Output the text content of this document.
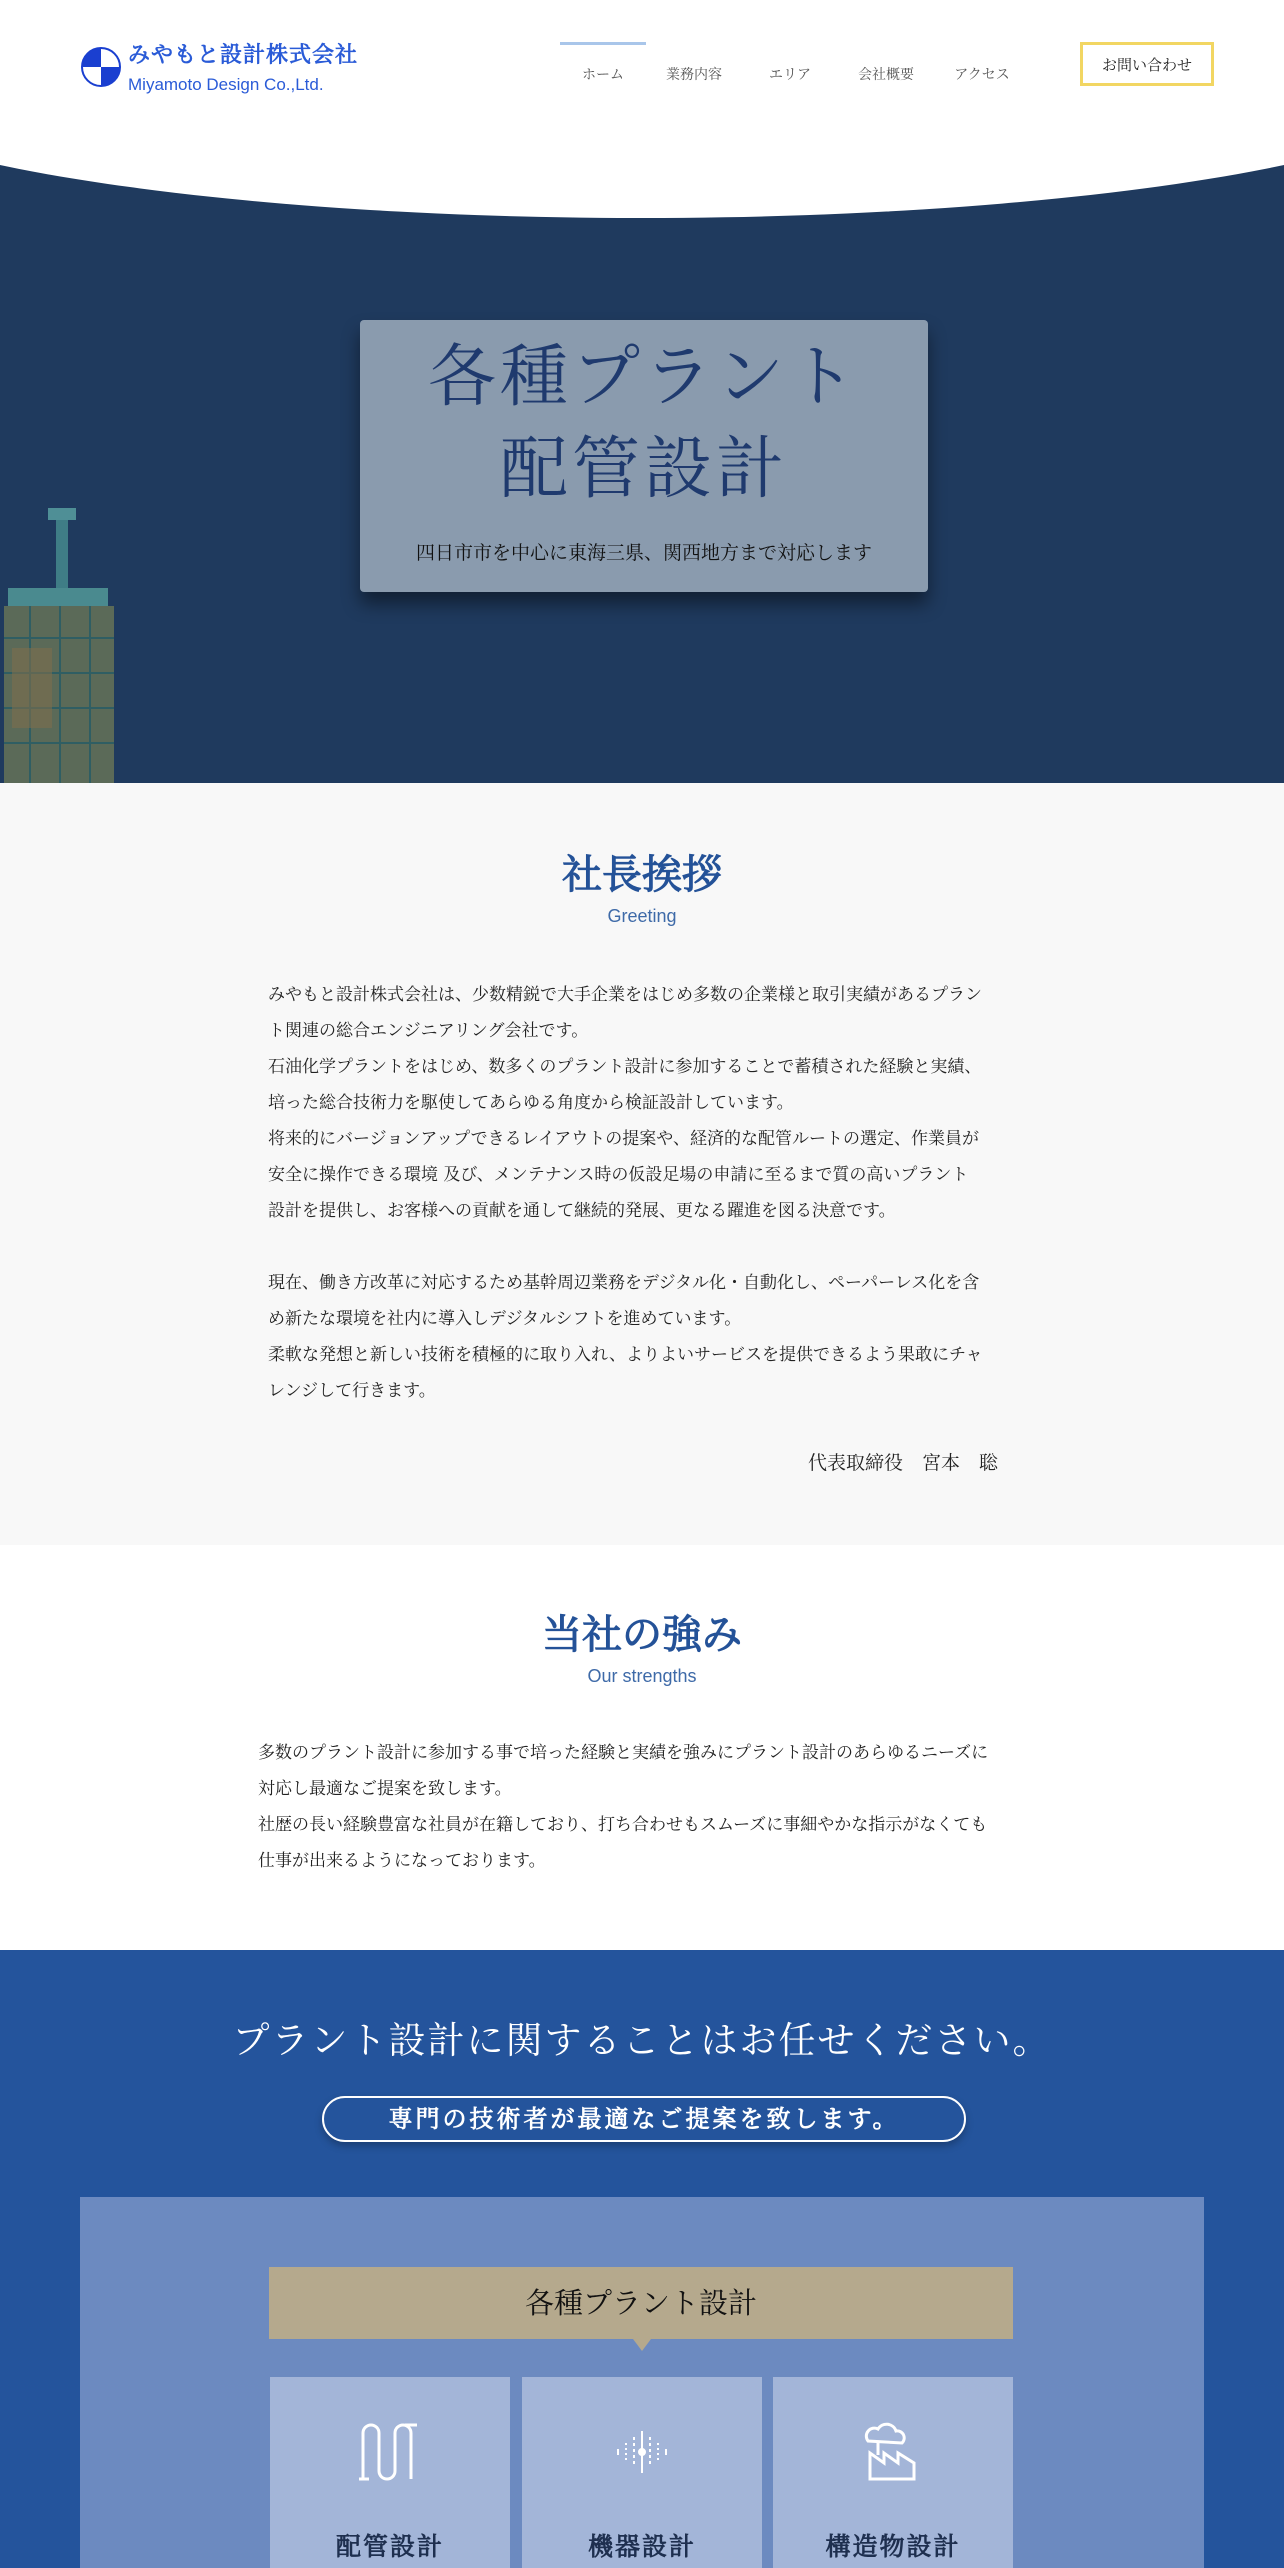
みやもと設計株式会社
Miyamoto Design Co.,Ltd.	ホーム	業務内容	エリア	会社概要	アクセス
お問い合わせ
各種プラント
配管設計
四日市市を中心に東海三県、関西地方まで対応します
社長挨拶
Greeting

みやもと設計株式会社は、少数精鋭で大手企業をはじめ多数の企業様と取引実績があるプラン

ト関連の総合エンジニアリング会社です。

石油化学プラントをはじめ、数多くのプラント設計に参加することで蓄積された経験と実績、

培った総合技術力を駆使してあらゆる角度から検証設計しています。

将来的にバージョンアップできるレイアウトの提案や、経済的な配管ルートの選定、作業員が

安全に操作できる環境 及び、メンテナンス時の仮設足場の申請に至るまで質の高いプラント

設計を提供し、お客様への貢献を通して継続的発展、更なる躍進を図る決意です。

現在、働き方改革に対応するため基幹周辺業務をデジタル化・自動化し、ペーパーレス化を含

め新たな環境を社内に導入しデジタルシフトを進めています。

柔軟な発想と新しい技術を積極的に取り入れ、よりよいサービスを提供できるよう果敢にチャ

レンジして行きます。

代表取締役　宮本　聡
当社の強み
Our strengths

多数のプラント設計に参加する事で培った経験と実績を強みにプラント設計のあらゆるニーズに

対応し最適なご提案を致します。

社歴の長い経験豊富な社員が在籍しており、打ち合わせもスムーズに事細やかな指示がなくても

仕事が出来るようになっております。

プラント設計に関することはお任せください。
専門の技術者が最適なご提案を致します。
各種プラント設計
配管設計	機器設計	構造物設計
